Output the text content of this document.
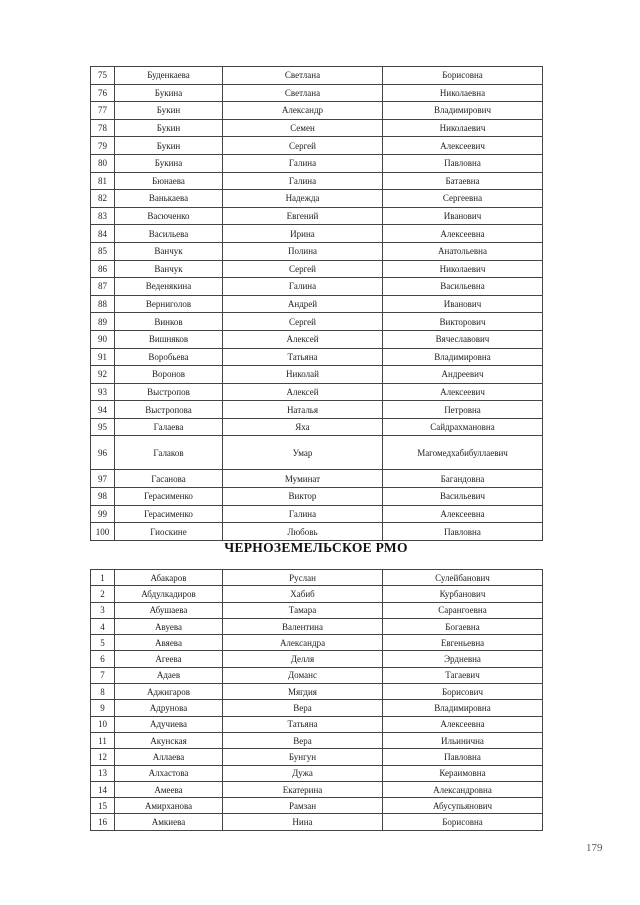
75	Буденкаева	Светлана	Борисовна
76	Букина	Светлана	Николаевна
77	Букин	Александр	Владимирович
78	Букин	Семен	Николаевич
79	Букин	Сергей	Алексеевич
80	Букина	Галина	Павловна
81	Бюнаева	Галина	Батаевна
82	Ванькаева	Надежда	Сергеевна
83	Васюченко	Евгений	Иванович
84	Васильева	Ирина	Алексеевна
85	Ванчук	Полина	Анатольевна
86	Ванчук	Сергей	Николаевич
87	Веденякина	Галина	Васильевна
88	Верниголов	Андрей	Иванович
89	Винков	Сергей	Викторович
90	Вишняков	Алексей	Вячеславович
91	Воробьева	Татьяна	Владимировна
92	Воронов	Николай	Андреевич
93	Выстропов	Алексей	Алексеевич
94	Выстропова	Наталья	Петровна
95	Галаева	Яха	Сайдрахмановна
96	Галаков	Умар	Магомедхабибуллаевич
97	Гасанова	Муминат	Багандовна
98	Герасименко	Виктор	Васильевич
99	Герасименко	Галина	Алексеевна
100	Гиоскине	Любовь	Павловна
ЧЕРНОЗЕМЕЛЬСКОЕ РМО
1	Абакаров	Руслан	Сулейбанович
2	Абдулкадиров	Хабиб	Курбанович
3	Абушаева	Тамара	Сарангоевна
4	Авуева	Валентина	Богаевна
5	Авяева	Александра	Евгеньевна
6	Агеева	Делля	Эрдневна
7	Адаев	Доманс	Тагаевич
8	Аджигаров	Мягдия	Борисович
9	Адрунова	Вера	Владимировна
10	Адучиева	Татьяна	Алексеевна
11	Акунская	Вера	Ильинична
12	Аллаева	Бунгун	Павловна
13	Алхастова	Дужа	Кераимовна
14	Амеева	Екатерина	Александровна
15	Амирханова	Рамзан	Абусупьянович
16	Амкиева	Нина	Борисовна
179
